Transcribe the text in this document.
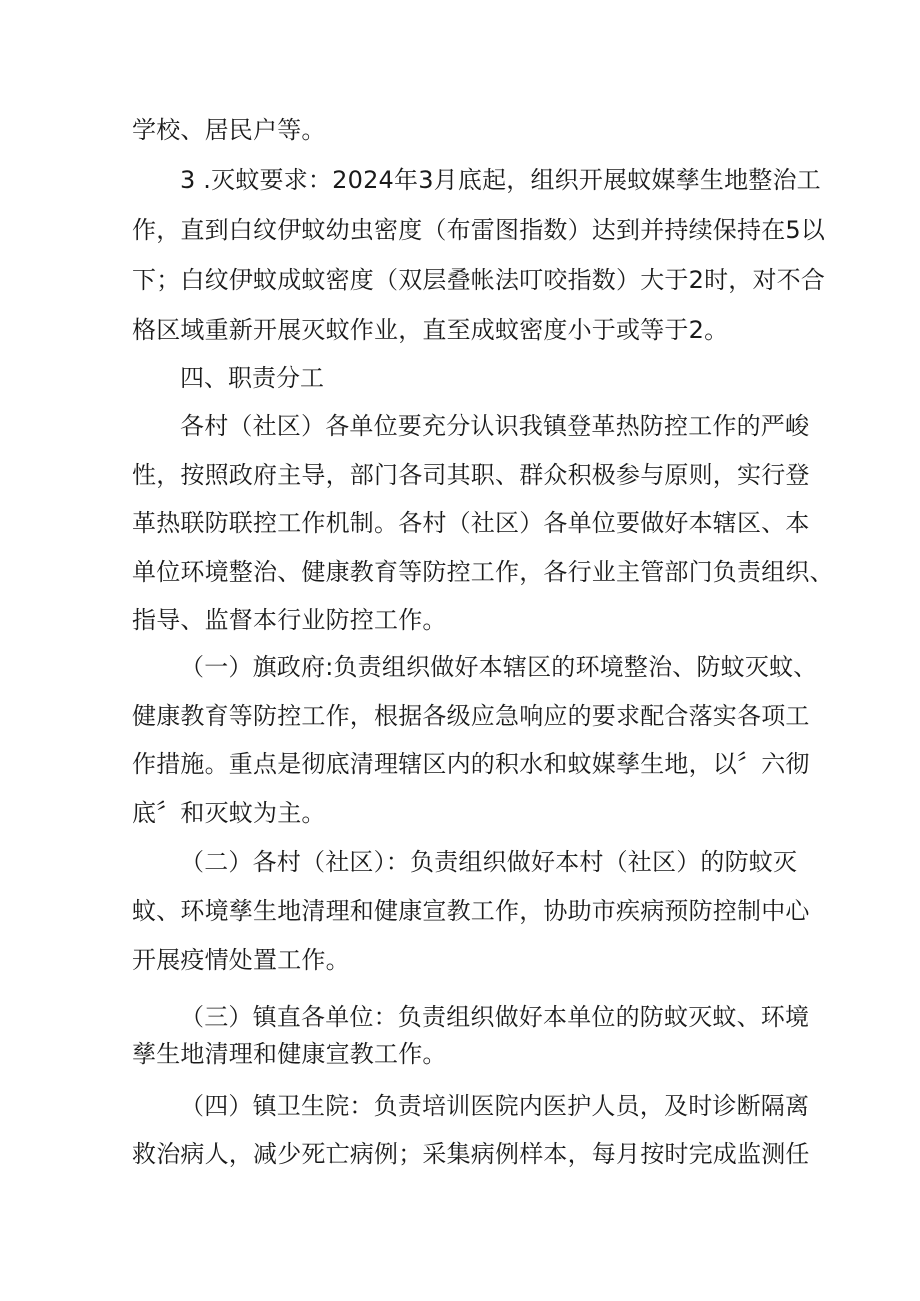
学校、居民户等。
3 .灭蚊要求：2024年3月底起，组织开展蚊媒孳生地整治工
作，直到白纹伊蚊幼虫密度（布雷图指数）达到并持续保持在5以
下；白纹伊蚊成蚊密度（双层叠帐法叮咬指数）大于2时，对不合
格区域重新开展灭蚊作业，直至成蚊密度小于或等于2。
四、职责分工
各村（社区）各单位要充分认识我镇登革热防控工作的严峻
性，按照政府主导，部门各司其职、群众积极参与原则，实行登
革热联防联控工作机制。各村（社区）各单位要做好本辖区、本
单位环境整治、健康教育等防控工作，各行业主管部门负责组织、
指导、监督本行业防控工作。
（一）旗政府:负责组织做好本辖区的环境整治、防蚊灭蚊、
健康教育等防控工作，根据各级应急响应的要求配合落实各项工
作措施。重点是彻底清理辖区内的积水和蚊媒孳生地，以〞六彻
底〞和灭蚊为主。
（二）各村（社区）：负责组织做好本村（社区）的防蚊灭
蚊、环境孳生地清理和健康宣教工作，协助市疾病预防控制中心
开展疫情处置工作。
（三）镇直各单位：负责组织做好本单位的防蚊灭蚊、环境
孳生地清理和健康宣教工作。
（四）镇卫生院：负责培训医院内医护人员，及时诊断隔离
救治病人，减少死亡病例；采集病例样本，每月按时完成监测任
